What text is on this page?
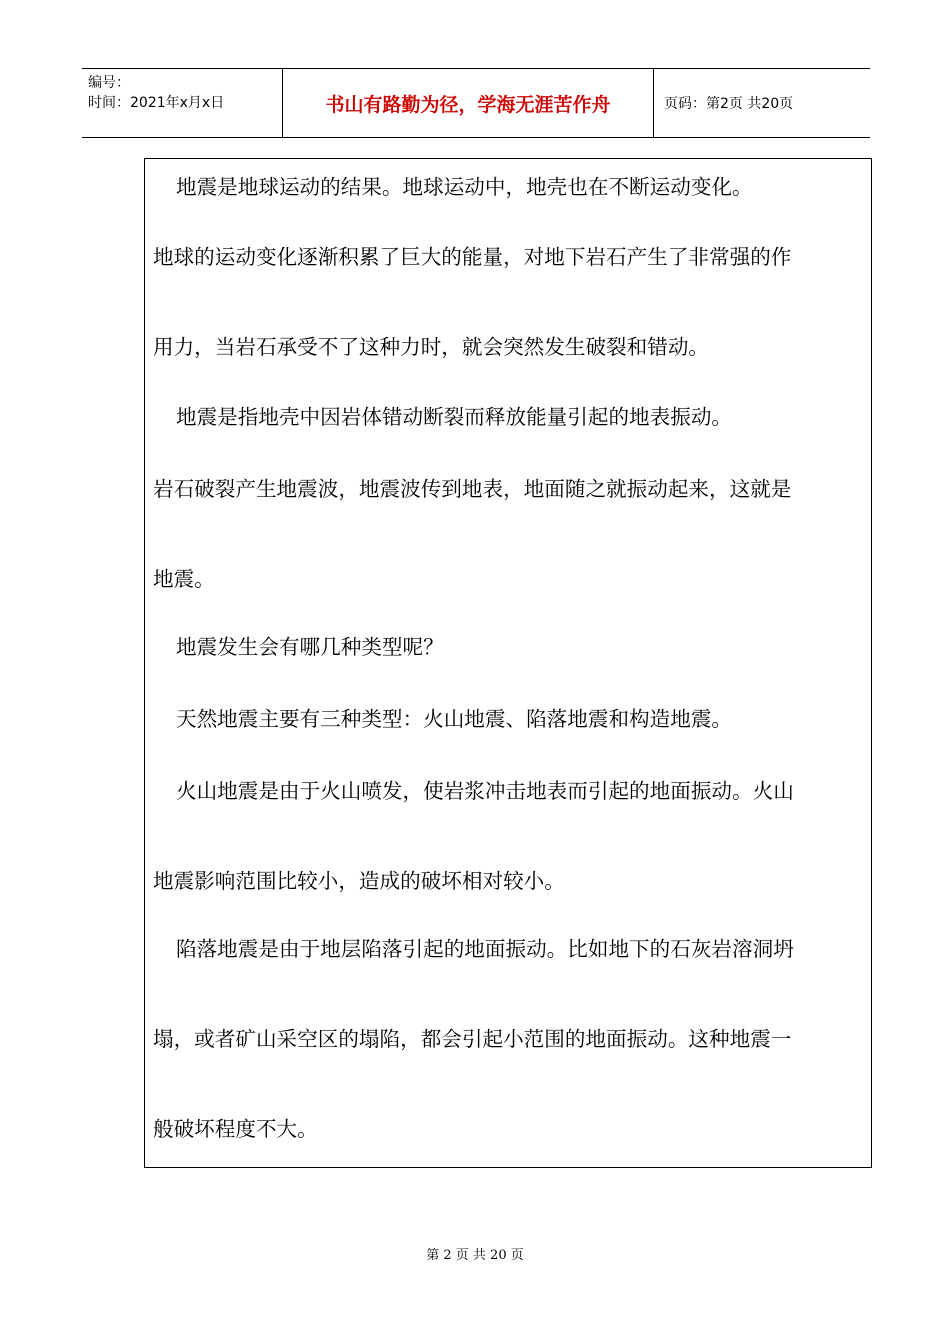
编号：
时间：2021年x月x日	书山有路勤为径，学海无涯苦作舟	页码：第2页 共20页
地震是地球运动的结果。地球运动中，地壳也在不断运动变化。
地球的运动变化逐渐积累了巨大的能量，对地下岩石产生了非常强的作
用力，当岩石承受不了这种力时，就会突然发生破裂和错动。
地震是指地壳中因岩体错动断裂而释放能量引起的地表振动。
岩石破裂产生地震波，地震波传到地表，地面随之就振动起来，这就是
地震。
地震发生会有哪几种类型呢？
天然地震主要有三种类型：火山地震、陷落地震和构造地震。
火山地震是由于火山喷发，使岩浆冲击地表而引起的地面振动。火山
地震影响范围比较小，造成的破坏相对较小。
陷落地震是由于地层陷落引起的地面振动。比如地下的石灰岩溶洞坍
塌，或者矿山采空区的塌陷，都会引起小范围的地面振动。这种地震一
般破坏程度不大。
第 2 页 共 20 页
